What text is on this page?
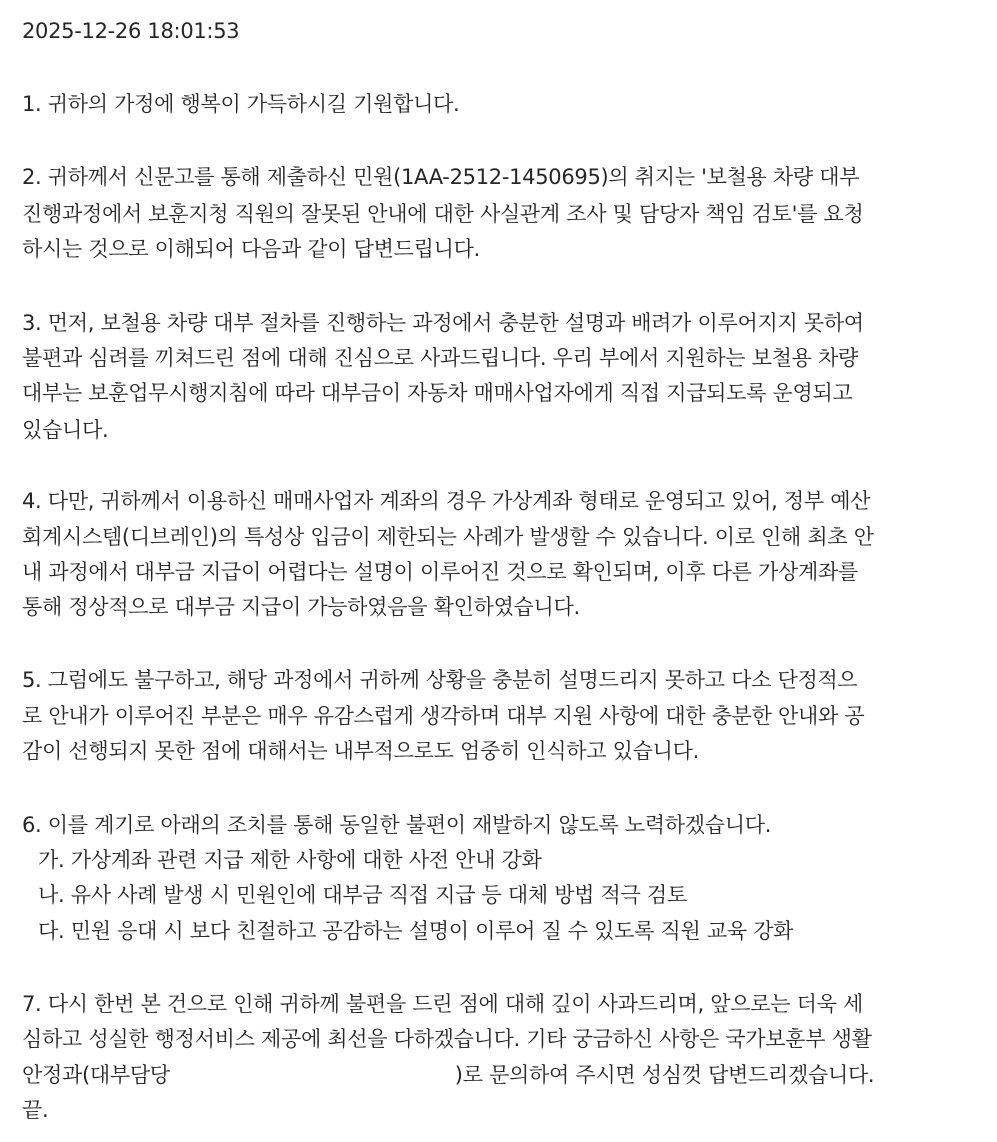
2025-12-26 18:01:53
1. 귀하의 가정에 행복이 가득하시길 기원합니다.
2. 귀하께서 신문고를 통해 제출하신 민원(1AA-2512-1450695)의 취지는 '보철용 차량 대부
진행과정에서 보훈지청 직원의 잘못된 안내에 대한 사실관계 조사 및 담당자 책임 검토'를 요청
하시는 것으로 이해되어 다음과 같이 답변드립니다.
3. 먼저, 보철용 차량 대부 절차를 진행하는 과정에서 충분한 설명과 배려가 이루어지지 못하여
불편과 심려를 끼쳐드린 점에 대해 진심으로 사과드립니다. 우리 부에서 지원하는 보철용 차량
대부는 보훈업무시행지침에 따라 대부금이 자동차 매매사업자에게 직접 지급되도록 운영되고
있습니다.
4. 다만, 귀하께서 이용하신 매매사업자 계좌의 경우 가상계좌 형태로 운영되고 있어, 정부 예산
회계시스템(디브레인)의 특성상 입금이 제한되는 사례가 발생할 수 있습니다. 이로 인해 최초 안
내 과정에서 대부금 지급이 어렵다는 설명이 이루어진 것으로 확인되며, 이후 다른 가상계좌를
통해 정상적으로 대부금 지급이 가능하였음을 확인하였습니다.
5. 그럼에도 불구하고, 해당 과정에서 귀하께 상황을 충분히 설명드리지 못하고 다소 단정적으
로 안내가 이루어진 부분은 매우 유감스럽게 생각하며 대부 지원 사항에 대한 충분한 안내와 공
감이 선행되지 못한 점에 대해서는 내부적으로도 엄중히 인식하고 있습니다.
6. 이를 계기로 아래의 조치를 통해 동일한 불편이 재발하지 않도록 노력하겠습니다.
가. 가상계좌 관련 지급 제한 사항에 대한 사전 안내 강화
나. 유사 사례 발생 시 민원인에 대부금 직접 지급 등 대체 방법 적극 검토
다. 민원 응대 시 보다 친절하고 공감하는 설명이 이루어 질 수 있도록 직원 교육 강화
7. 다시 한번 본 건으로 인해 귀하께 불편을 드린 점에 대해 깊이 사과드리며, 앞으로는 더욱 세
심하고 성실한 행정서비스 제공에 최선을 다하겠습니다. 기타 궁금하신 사항은 국가보훈부 생활
안정과(대부담당	)로 문의하여 주시면 성심껏 답변드리겠습니다.
끝.
